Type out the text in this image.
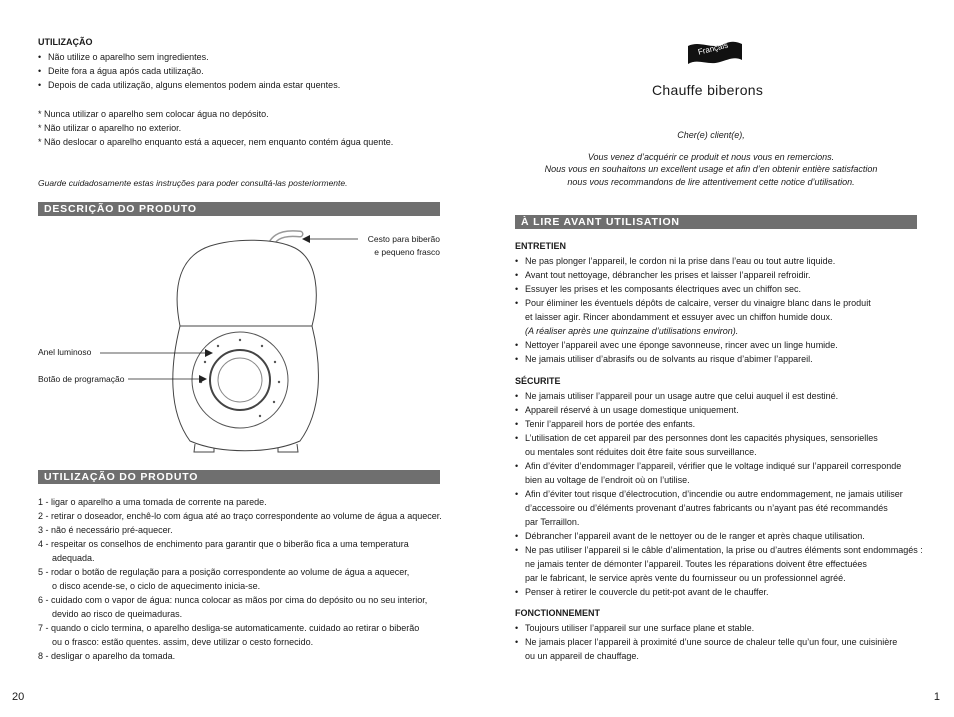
UTILIZAÇÃO
• Não utilize o aparelho sem ingredientes.
• Deite fora a água após cada utilização.
• Depois de cada utilização, alguns elementos podem ainda estar quentes.
* Nunca utilizar o aparelho sem colocar água no depósito.
* Não utilizar o aparelho no exterior.
* Não deslocar o aparelho enquanto está a aquecer, nem enquanto contém água quente.
Guarde cuidadosamente estas instruções para poder consultá-las posteriormente.
DESCRIÇÃO DO PRODUTO
Cesto para biberão
e pequeno frasco
Anel luminoso
Botão de programação
UTILIZAÇÃO DO PRODUTO
1 - ligar o aparelho a uma tomada de corrente na parede.
2 - retirar o doseador, enchê-lo com água até ao traço correspondente ao volume de água a aquecer.
3 - não é necessário pré-aquecer.
4 - respeitar os conselhos de enchimento para garantir que o biberão fica a uma temperatura
adequada.
5 - rodar o botão de regulação para a posição correspondente ao volume de água a aquecer,
o disco acende-se, o ciclo de aquecimento inicia-se.
6 - cuidado com o vapor de água: nunca colocar as mãos por cima do depósito ou no seu interior,
devido ao risco de queimaduras.
7 - quando o ciclo termina, o aparelho desliga-se automaticamente. cuidado ao retirar o biberão
ou o frasco: estão quentes. assim, deve utilizar o cesto fornecido.
8 - desligar o aparelho da tomada.
20
Français
Chauffe biberons
Cher(e) client(e),
Vous venez d’acquérir ce produit et nous vous en remercions.
Nous vous en souhaitons un excellent usage et afin d’en obtenir entière satisfaction
nous vous recommandons de lire attentivement cette notice d’utilisation.
À LIRE AVANT UTILISATION
ENTRETIEN
• Ne pas plonger l’appareil, le cordon ni la prise dans l’eau ou tout autre liquide.
• Avant tout nettoyage, débrancher les prises et laisser l’appareil refroidir.
• Essuyer les prises et les composants électriques avec un chiffon sec.
• Pour éliminer les éventuels dépôts de calcaire, verser du vinaigre blanc dans le produit
et laisser agir. Rincer abondamment et essuyer avec un chiffon humide doux.
(A réaliser après une quinzaine d’utilisations environ).
• Nettoyer l’appareil avec une éponge savonneuse, rincer avec un linge humide.
• Ne jamais utiliser d’abrasifs ou de solvants au risque d’abimer l’appareil.
SÉCURITE
• Ne jamais utiliser l’appareil pour un usage autre que celui auquel il est destiné.
• Appareil réservé à un usage domestique uniquement.
• Tenir l’appareil hors de portée des enfants.
• L’utilisation de cet appareil par des personnes dont les capacités physiques, sensorielles
ou mentales sont réduites doit être faite sous surveillance.
• Afin d’éviter d’endommager l’appareil, vérifier que le voltage indiqué sur l’appareil corresponde
bien au voltage de l’endroit où on l’utilise.
• Afin d’éviter tout risque d’électrocution, d’incendie ou autre endommagement, ne jamais utiliser
d’accessoire ou d’éléments provenant d’autres fabricants ou n’ayant pas été recommandés
par Terraillon.
• Débrancher l’appareil avant de le nettoyer ou de le ranger et après chaque utilisation.
• Ne pas utiliser l’appareil si le câble d’alimentation, la prise ou d’autres éléments sont endommagés :
ne jamais tenter de démonter l’appareil. Toutes les réparations doivent être effectuées
par le fabricant, le service après vente du fournisseur ou un professionnel agréé.
• Penser à retirer le couvercle du petit-pot avant de le chauffer.
FONCTIONNEMENT
• Toujours utiliser l’appareil sur une surface plane et stable.
• Ne jamais placer l’appareil à proximité d’une source de chaleur telle qu’un four, une cuisinière
ou un appareil de chauffage.
1
